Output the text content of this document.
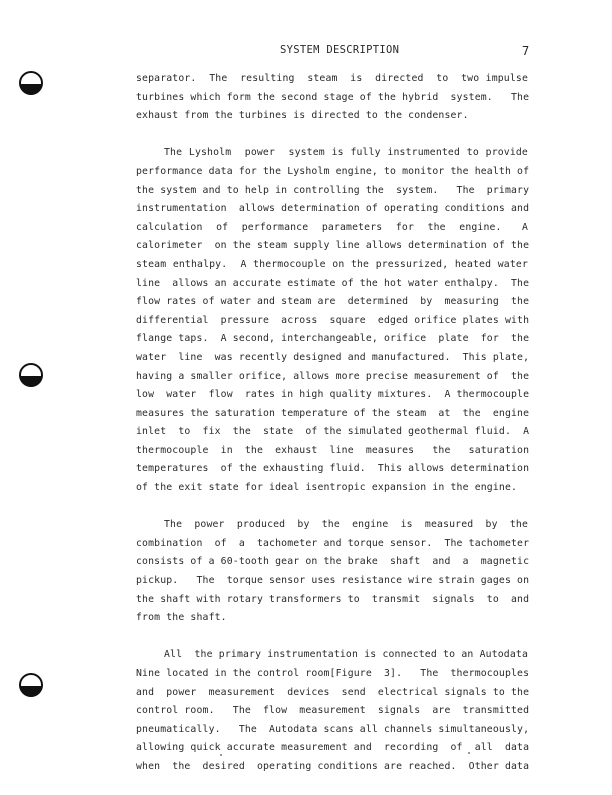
SYSTEM DESCRIPTION	7

separator.  The  resulting  steam  is  directed  to  two impulse
turbines which form the second stage of the hybrid  system.   The
exhaust from the turbines is directed to the condenser.

The Lysholm  power  system is fully instrumented to provide
performance data for the Lysholm engine, to monitor the health of
the system and to help in controlling the  system.   The  primary
instrumentation  allows determination of operating conditions and
calculation  of  performance  parameters  for  the  engine.   A
calorimeter  on the steam supply line allows determination of the
steam enthalpy.  A thermocouple on the pressurized, heated water
line  allows an accurate estimate of the hot water enthalpy.  The
flow rates of water and steam are  determined  by  measuring  the
differential  pressure  across  square  edged orifice plates with
flange taps.  A second, interchangeable, orifice  plate  for  the
water  line  was recently designed and manufactured.  This plate,
having a smaller orifice, allows more precise measurement of  the
low  water  flow  rates in high quality mixtures.  A thermocouple
measures the saturation temperature of the steam  at  the  engine
inlet  to  fix  the  state  of the simulated geothermal fluid.  A
thermocouple  in  the  exhaust  line  measures   the   saturation
temperatures  of the exhausting fluid.  This allows determination
of the exit state for ideal isentropic expansion in the engine.

The  power  produced  by  the  engine  is  measured  by  the
combination  of  a  tachometer and torque sensor.  The tachometer
consists of a 60-tooth gear on the brake  shaft  and  a  magnetic
pickup.   The  torque sensor uses resistance wire strain gages on
the shaft with rotary transformers to  transmit  signals  to  and
from the shaft.

All  the primary instrumentation is connected to an Autodata
Nine located in the control room[Figure  3].   The  thermocouples
and  power  measurement  devices  send  electrical signals to the
control room.   The  flow  measurement  signals  are  transmitted
pneumatically.   The  Autodata scans all channels simultaneously,
allowing quick accurate measurement and  recording  of  all  data
when  the  desired  operating conditions are reached.  Other data
